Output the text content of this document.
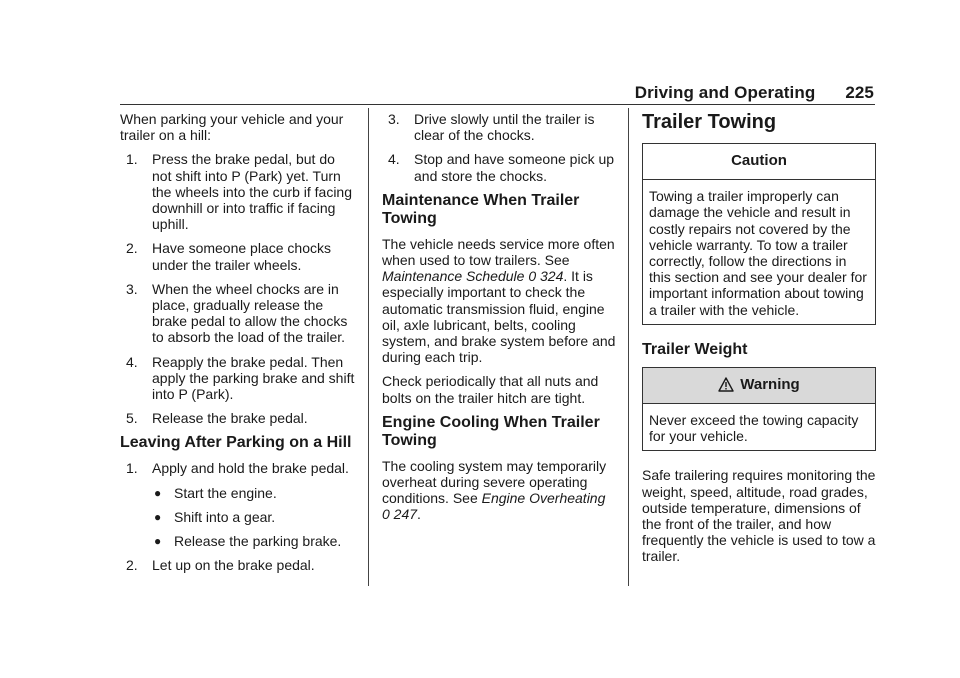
Driving and Operating 225

When parking your vehicle and your trailer on a hill:

1.	Press the brake pedal, but do not shift into P (Park) yet. Turn the wheels into the curb if facing downhill or into traffic if facing uphill.
2.	Have someone place chocks under the trailer wheels.
3.	When the wheel chocks are in place, gradually release the brake pedal to allow the chocks to absorb the load of the trailer.
4.	Reapply the brake pedal. Then apply the parking brake and shift into P (Park).
5.	Release the brake pedal.
Leaving After Parking on a Hill
1.	Apply and hold the brake pedal.
● Start the engine.
● Shift into a gear.
● Release the parking brake.
2.	Let up on the brake pedal.
3.	Drive slowly until the trailer is clear of the chocks.
4.	Stop and have someone pick up and store the chocks.
Maintenance When Trailer Towing

The vehicle needs service more often when used to tow trailers. See Maintenance Schedule 0 324. It is especially important to check the automatic transmission fluid, engine oil, axle lubricant, belts, cooling system, and brake system before and during each trip.

Check periodically that all nuts and bolts on the trailer hitch are tight.

Engine Cooling When Trailer Towing

The cooling system may temporarily overheat during severe operating conditions. See Engine Overheating
0 247.

Trailer Towing
Caution
Towing a trailer improperly can damage the vehicle and result in costly repairs not covered by the vehicle warranty. To tow a trailer correctly, follow the directions in this section and see your dealer for important information about towing a trailer with the vehicle.
Trailer Weight
Warning
Never exceed the towing capacity for your vehicle.

Safe trailering requires monitoring the weight, speed, altitude, road grades, outside temperature, dimensions of the front of the trailer, and how frequently the vehicle is used to tow a trailer.
